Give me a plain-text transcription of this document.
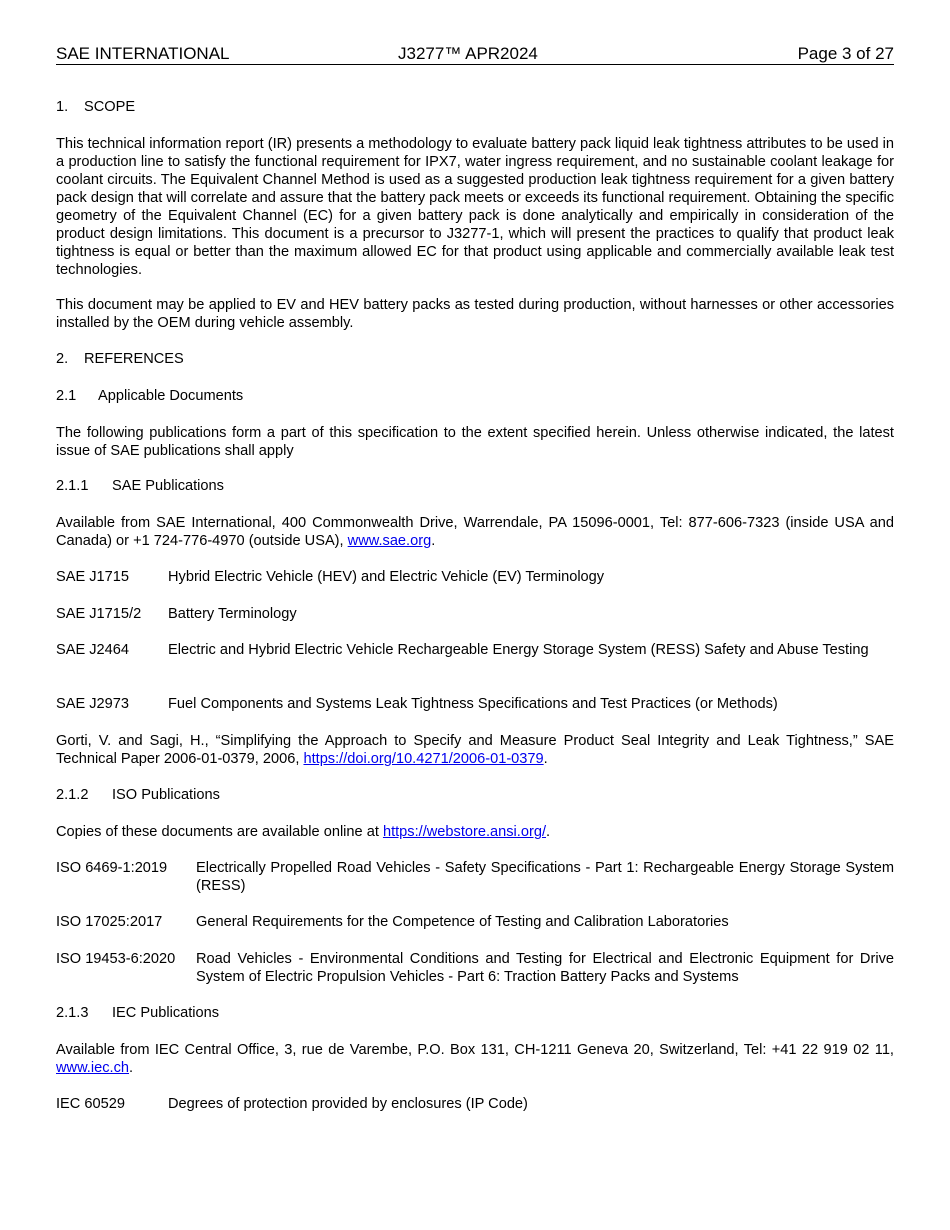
SAE INTERNATIONAL	J3277™ APR2024	Page 3 of 27
1. SCOPE
This technical information report (IR) presents a methodology to evaluate battery pack liquid leak tightness attributes to be used in a production line to satisfy the functional requirement for IPX7, water ingress requirement, and no sustainable coolant leakage for coolant circuits. The Equivalent Channel Method is used as a suggested production leak tightness requirement for a given battery pack design that will correlate and assure that the battery pack meets or exceeds its functional requirement. Obtaining the specific geometry of the Equivalent Channel (EC) for a given battery pack is done analytically and empirically in consideration of the product design limitations. This document is a precursor to J3277-1, which will present the practices to qualify that product leak tightness is equal or better than the maximum allowed EC for that product using applicable and commercially available leak test technologies.
This document may be applied to EV and HEV battery packs as tested during production, without harnesses or other accessories installed by the OEM during vehicle assembly.
2. REFERENCES
2.1 Applicable Documents
The following publications form a part of this specification to the extent specified herein. Unless otherwise indicated, the latest issue of SAE publications shall apply
2.1.1 SAE Publications
Available from SAE International, 400 Commonwealth Drive, Warrendale, PA 15096-0001, Tel: 877-606-7323 (inside USA and Canada) or +1 724-776-4970 (outside USA), www.sae.org.
SAE J1715	Hybrid Electric Vehicle (HEV) and Electric Vehicle (EV) Terminology
SAE J1715/2	Battery Terminology
SAE J2464	Electric and Hybrid Electric Vehicle Rechargeable Energy Storage System (RESS) Safety and Abuse Testing
SAE J2973	Fuel Components and Systems Leak Tightness Specifications and Test Practices (or Methods)
Gorti, V. and Sagi, H., “Simplifying the Approach to Specify and Measure Product Seal Integrity and Leak Tightness,” SAE Technical Paper 2006-01-0379, 2006, https://doi.org/10.4271/2006-01-0379.
2.1.2 ISO Publications
Copies of these documents are available online at https://webstore.ansi.org/.
ISO 6469-1:2019	Electrically Propelled Road Vehicles - Safety Specifications - Part 1: Rechargeable Energy Storage System (RESS)
ISO 17025:2017	General Requirements for the Competence of Testing and Calibration Laboratories
ISO 19453-6:2020	Road Vehicles - Environmental Conditions and Testing for Electrical and Electronic Equipment for Drive System of Electric Propulsion Vehicles - Part 6: Traction Battery Packs and Systems
2.1.3 IEC Publications
Available from IEC Central Office, 3, rue de Varembe, P.O. Box 131, CH-1211 Geneva 20, Switzerland, Tel: +41 22 919 02 11, www.iec.ch.
IEC 60529	Degrees of protection provided by enclosures (IP Code)
